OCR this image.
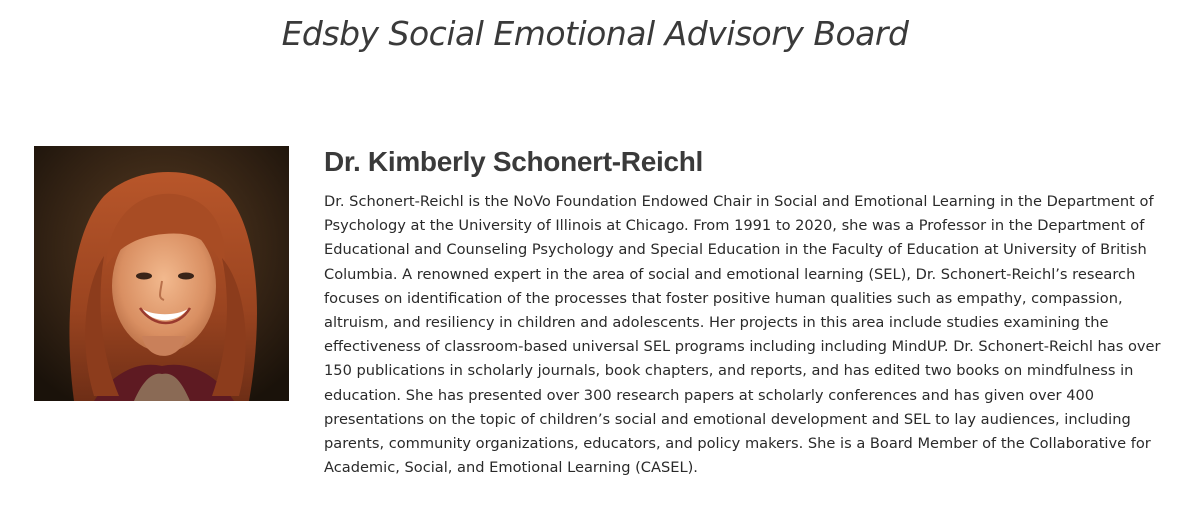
Edsby Social Emotional Advisory Board
Dr. Kimberly Schonert-Reichl

Dr. Schonert-Reichl is the NoVo Foundation Endowed Chair in Social and Emotional Learning in the Department of Psychology at the University of Illinois at Chicago. From 1991 to 2020, she was a Professor in the Department of Educational and Counseling Psychology and Special Education in the Faculty of Education at University of British Columbia. A renowned expert in the area of social and emotional learning (SEL), Dr. Schonert-Reichl’s research focuses on identification of the processes that foster positive human qualities such as empathy, compassion, altruism, and resiliency in children and adolescents. Her projects in this area include studies examining the effectiveness of classroom-based universal SEL programs including including MindUP. Dr. Schonert-Reichl has over 150 publications in scholarly journals, book chapters, and reports, and has edited two books on mindfulness in education. She has presented over 300 research papers at scholarly conferences and has given over 400 presentations on the topic of children’s social and emotional development and SEL to lay audiences, including parents, community organizations, educators, and policy makers. She is a Board Member of the Collaborative for Academic, Social, and Emotional Learning (CASEL).
